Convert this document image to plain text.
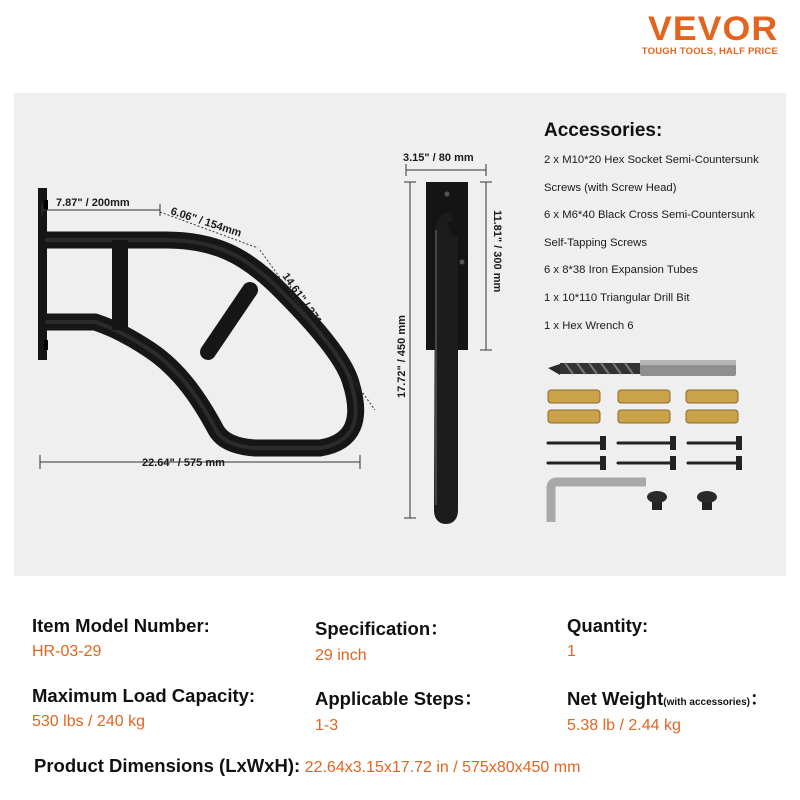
VEVOR
TOUGH TOOLS, HALF PRICE
7.87" / 200mm
6.06" / 154mm
14.61" / 371mm
22.64" / 575 mm
3.15" / 80 mm
11.81" / 300 mm
17.72" / 450 mm
Accessories:
2 x M10*20 Hex Socket Semi-Countersunk
Screws (with Screw Head)
6 x M6*40 Black Cross Semi-Countersunk
Self-Tapping Screws
6 x 8*38 Iron Expansion Tubes
1 x 10*110 Triangular Drill Bit
1 x Hex Wrench 6
Item Model Number:
HR-03-29
Specification：
29 inch
Quantity:
1
Maximum Load Capacity:
530 lbs / 240 kg
Applicable Steps：
1-3
Net Weight(with accessories)：
5.38 lb / 2.44 kg
Product Dimensions (LxWxH): 22.64x3.15x17.72 in / 575x80x450 mm
